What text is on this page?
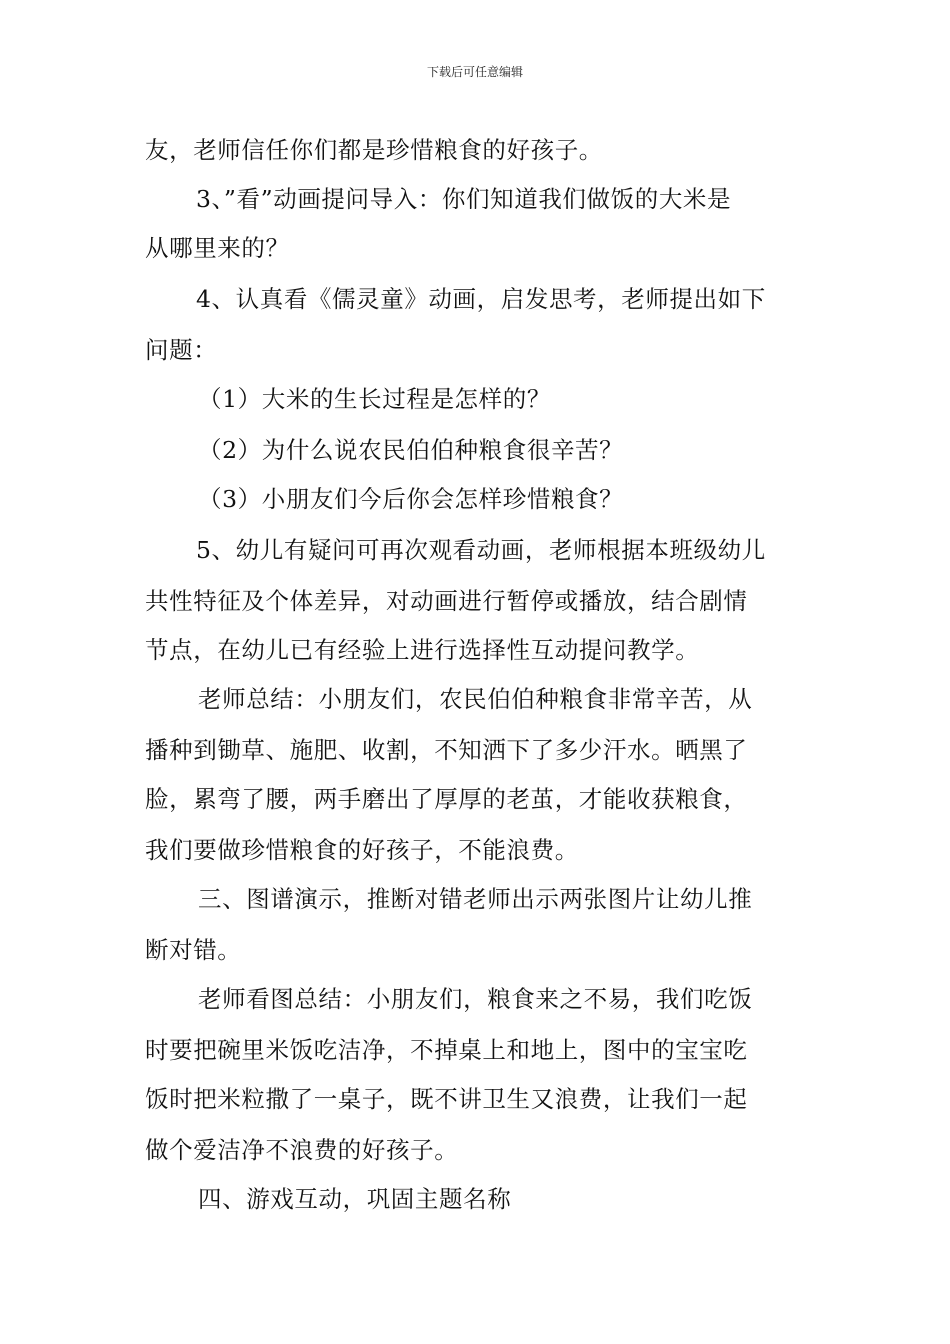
下载后可任意编辑
友，老师信任你们都是珍惜粮食的好孩子。
3、”看”动画提问导入：你们知道我们做饭的大米是
从哪里来的？
4、认真看《儒灵童》动画，启发思考，老师提出如下
问题：
（1）大米的生长过程是怎样的？
（2）为什么说农民伯伯种粮食很辛苦？
（3）小朋友们今后你会怎样珍惜粮食？
5、幼儿有疑问可再次观看动画，老师根据本班级幼儿
共性特征及个体差异，对动画进行暂停或播放，结合剧情
节点，在幼儿已有经验上进行选择性互动提问教学。
老师总结：小朋友们，农民伯伯种粮食非常辛苦，从
播种到锄草、施肥、收割，不知洒下了多少汗水。晒黑了
脸，累弯了腰，两手磨出了厚厚的老茧，才能收获粮食，
我们要做珍惜粮食的好孩子，不能浪费。
三、图谱演示，推断对错老师出示两张图片让幼儿推
断对错。
老师看图总结：小朋友们，粮食来之不易，我们吃饭
时要把碗里米饭吃洁净，不掉桌上和地上，图中的宝宝吃
饭时把米粒撒了一桌子，既不讲卫生又浪费，让我们一起
做个爱洁净不浪费的好孩子。
四、游戏互动，巩固主题名称
